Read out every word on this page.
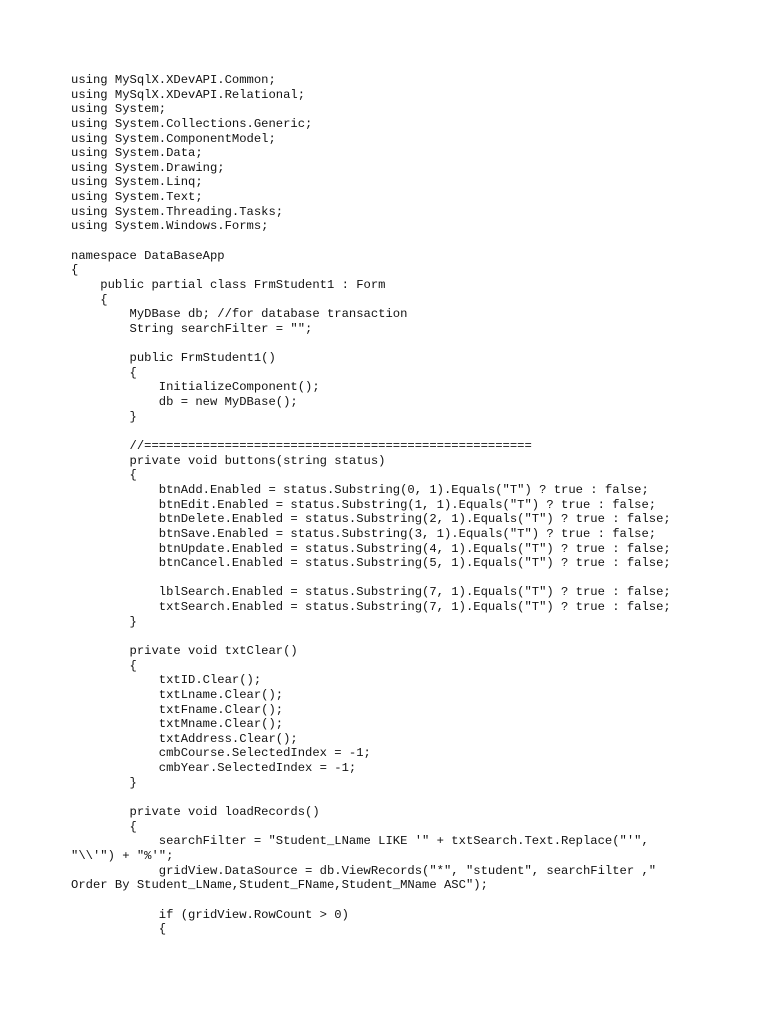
using MySqlX.XDevAPI.Common;
using MySqlX.XDevAPI.Relational;
using System;
using System.Collections.Generic;
using System.ComponentModel;
using System.Data;
using System.Drawing;
using System.Linq;
using System.Text;
using System.Threading.Tasks;
using System.Windows.Forms;
namespace DataBaseApp
{
public partial class FrmStudent1 : Form
{
MyDBase db; //for database transaction
String searchFilter = "";
public FrmStudent1()
{
InitializeComponent();
db = new MyDBase();
}
//=====================================================
private void buttons(string status)
{
btnAdd.Enabled = status.Substring(0, 1).Equals("T") ? true : false;
btnEdit.Enabled = status.Substring(1, 1).Equals("T") ? true : false;
btnDelete.Enabled = status.Substring(2, 1).Equals("T") ? true : false;
btnSave.Enabled = status.Substring(3, 1).Equals("T") ? true : false;
btnUpdate.Enabled = status.Substring(4, 1).Equals("T") ? true : false;
btnCancel.Enabled = status.Substring(5, 1).Equals("T") ? true : false;
lblSearch.Enabled = status.Substring(7, 1).Equals("T") ? true : false;
txtSearch.Enabled = status.Substring(7, 1).Equals("T") ? true : false;
}
private void txtClear()
{
txtID.Clear();
txtLname.Clear();
txtFname.Clear();
txtMname.Clear();
txtAddress.Clear();
cmbCourse.SelectedIndex = -1;
cmbYear.SelectedIndex = -1;
}
private void loadRecords()
{
searchFilter = "Student_LName LIKE '" + txtSearch.Text.Replace("'",
"\\'") + "%'";
gridView.DataSource = db.ViewRecords("*", "student", searchFilter ,"
Order By Student_LName,Student_FName,Student_MName ASC");
if (gridView.RowCount > 0)
{
